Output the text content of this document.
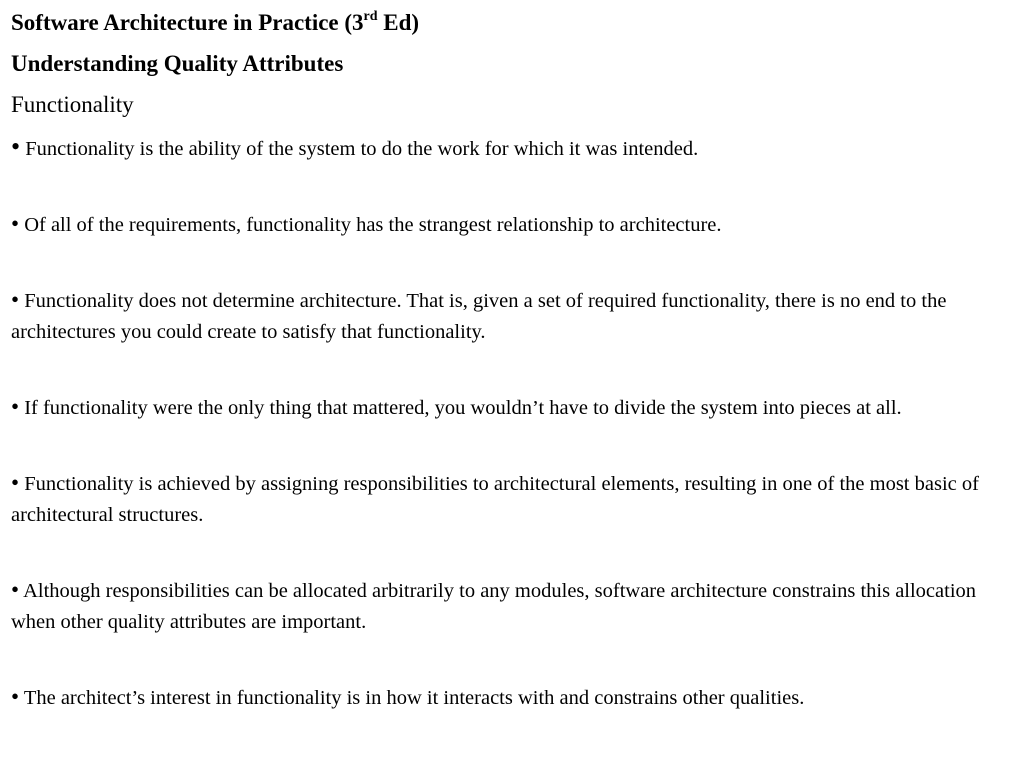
Software Architecture in Practice (3rd Ed)
Understanding Quality Attributes
Functionality
• Functionality is the ability of the system to do the work for which it was intended.
• Of all of the requirements, functionality has the strangest relationship to architecture.
• Functionality does not determine architecture. That is, given a set of required functionality, there is no end to the architectures you could create to satisfy that functionality.
• If functionality were the only thing that mattered, you wouldn’t have to divide the system into pieces at all.
• Functionality is achieved by assigning responsibilities to architectural elements, resulting in one of the most basic of architectural structures.
• Although responsibilities can be allocated arbitrarily to any modules, software architecture constrains this allocation when other quality attributes are important.
• The architect’s interest in functionality is in how it interacts with and constrains other qualities.
